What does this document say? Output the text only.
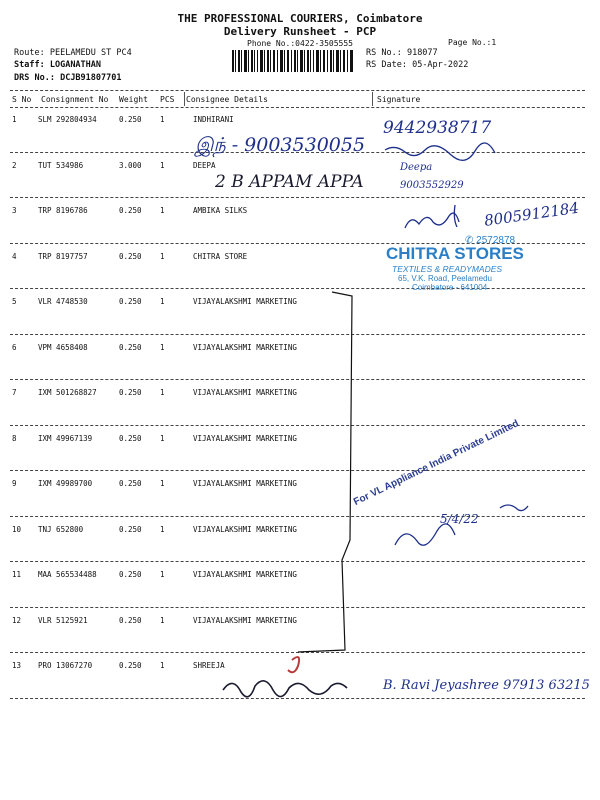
THE PROFESSIONAL COURIERS, Coimbatore
Delivery Runsheet - PCP
Phone No.:0422-3505555	Page No.:1
Route: PEELAMEDU ST PC4
Staff: LOGANATHAN
DRS No.: DCJB91807701
RS No.: 918077
RS Date: 05-Apr-2022
S No Consignment No Weight PCS Consignee Details	Signature
1	SLM 292804934	0.250 1	INDHIRANI
2	TUT 534986	3.000 1	DEEPA
3	TRP 8196786	0.250 1	AMBIKA SILKS
4	TRP 8197757	0.250 1	CHITRA STORE
5	VLR 4748530	0.250 1	VIJAYALAKSHMI MARKETING
6	VPM 4658408	0.250 1	VIJAYALAKSHMI MARKETING
7	IXM 501268827	0.250 1	VIJAYALAKSHMI MARKETING
8	IXM 49967139	0.250 1	VIJAYALAKSHMI MARKETING
9	IXM 49989700	0.250 1	VIJAYALAKSHMI MARKETING
10 TNJ 652800	0.250 1	VIJAYALAKSHMI MARKETING
11 MAA 565534488	0.250 1	VIJAYALAKSHMI MARKETING
12 VLR 5125921	0.250 1	VIJAYALAKSHMI MARKETING
13 PRO 13067270	0.250 1	SHREEJA
இந் - 9003530055
9442938717
Deepa
2 B APPAM APPA	9003552929
8005912184
B. Ravi Jeyashree 97913 63215
✆ 2572878
CHITRA STORES
TEXTILES & READYMADES
65, V.K. Road, Peelamedu
Coimbatore - 641004
For VL Appliance India Private Limited
5/4/22
